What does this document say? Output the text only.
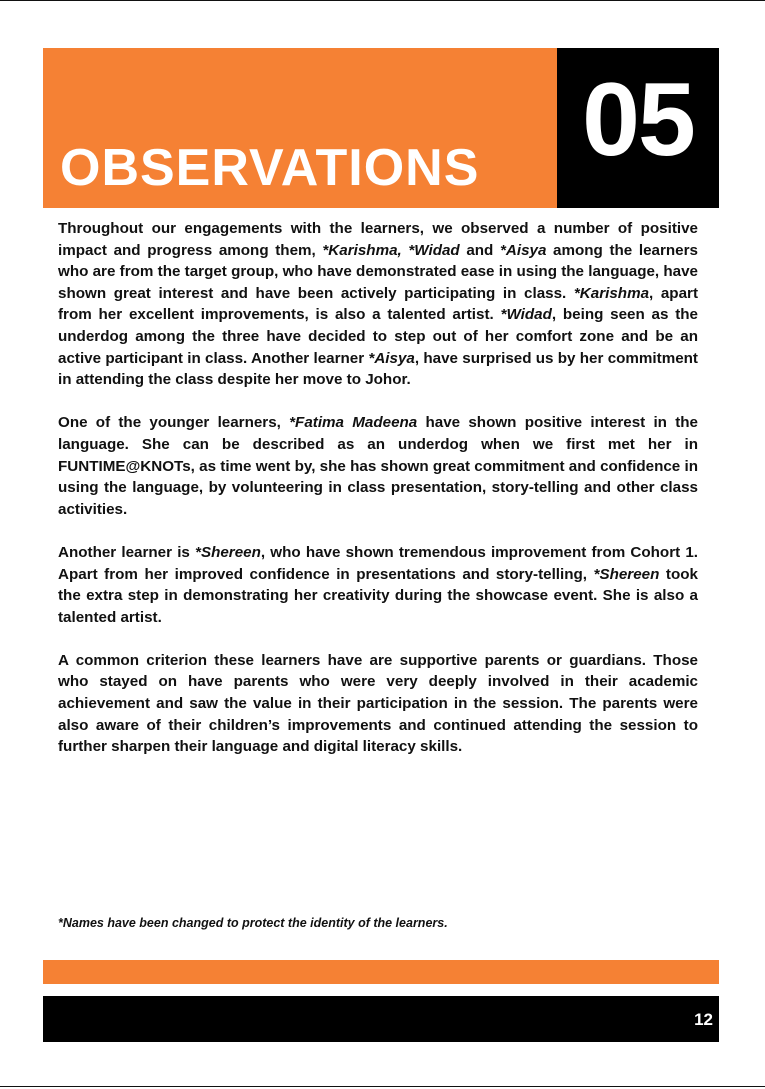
OBSERVATIONS 05

Throughout our engagements with the learners, we observed a number of positive impact and progress among them, *Karishma, *Widad and *Aisya among the learners who are from the target group, who have demonstrated ease in using the language, have shown great interest and have been actively participating in class. *Karishma, apart from her excellent improvements, is also a talented artist. *Widad, being seen as the underdog among the three have decided to step out of her comfort zone and be an active participant in class. Another learner *Aisya, have surprised us by her commitment in attending the class despite her move to Johor.

One of the younger learners, *Fatima Madeena have shown positive interest in the language. She can be described as an underdog when we first met her in FUNTIME@KNOTs, as time went by, she has shown great commitment and confidence in using the language, by volunteering in class presentation, story-telling and other class activities.

Another learner is *Shereen, who have shown tremendous improvement from Cohort 1. Apart from her improved confidence in presentations and story-telling, *Shereen took the extra step in demonstrating her creativity during the showcase event. She is also a talented artist.

A common criterion these learners have are supportive parents or guardians. Those who stayed on have parents who were very deeply involved in their academic achievement and saw the value in their participation in the session. The parents were also aware of their children’s improvements and continued attending the session to further sharpen their language and digital literacy skills.

*Names have been changed to protect the identity of the learners.
12
